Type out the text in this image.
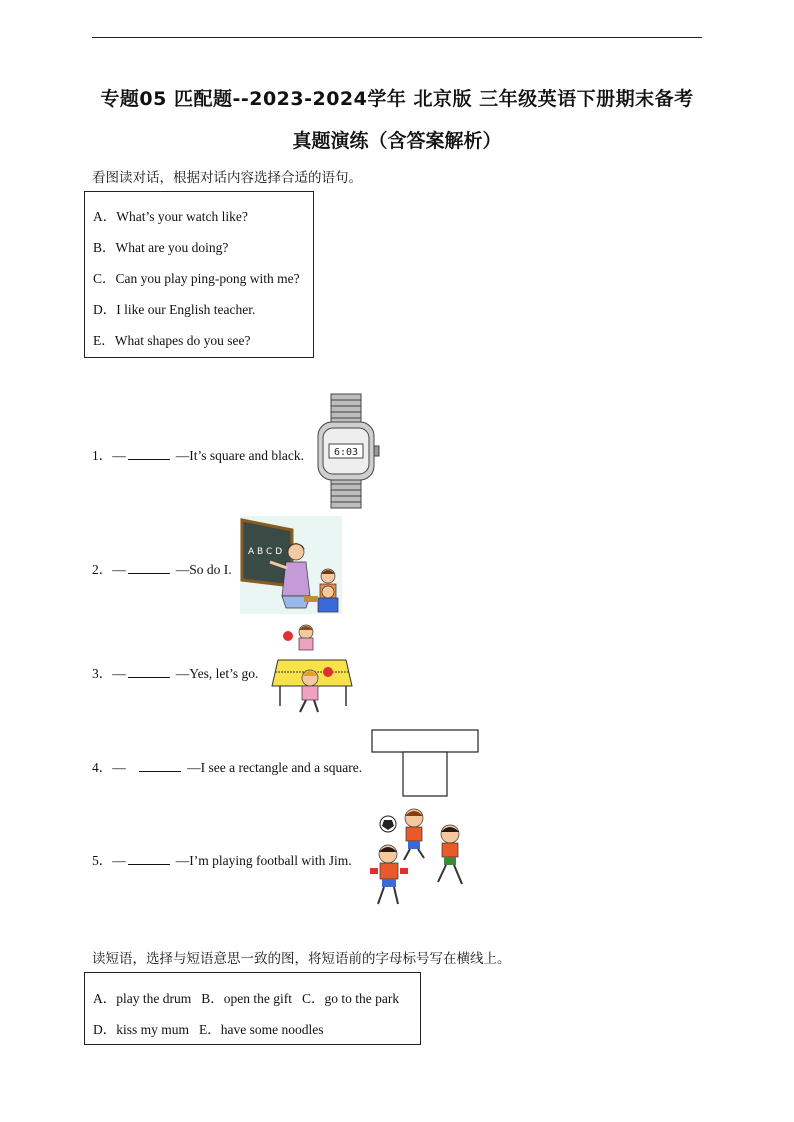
专题05 匹配题--2023-2024学年 北京版 三年级英语下册期末备考
真题演练（含答案解析）
看图读对话，根据对话内容选择合适的语句。
A．What’s your watch like?
B．What are you doing?
C．Can you play ping-pong with me?
D．I like our English teacher.
E．What shapes do you see?
1．—	—It’s square and black.	6:03
2．—	—So do I.
A B C D
3．—	—Yes, let’s go.
4．—	—I see a rectangle and a square.
5．—	—I’m playing football with Jim.
读短语，选择与短语意思一致的图，将短语前的字母标号写在横线上。
A．play the drum B．open the gift C．go to the park
D．kiss my mum E．have some noodles
